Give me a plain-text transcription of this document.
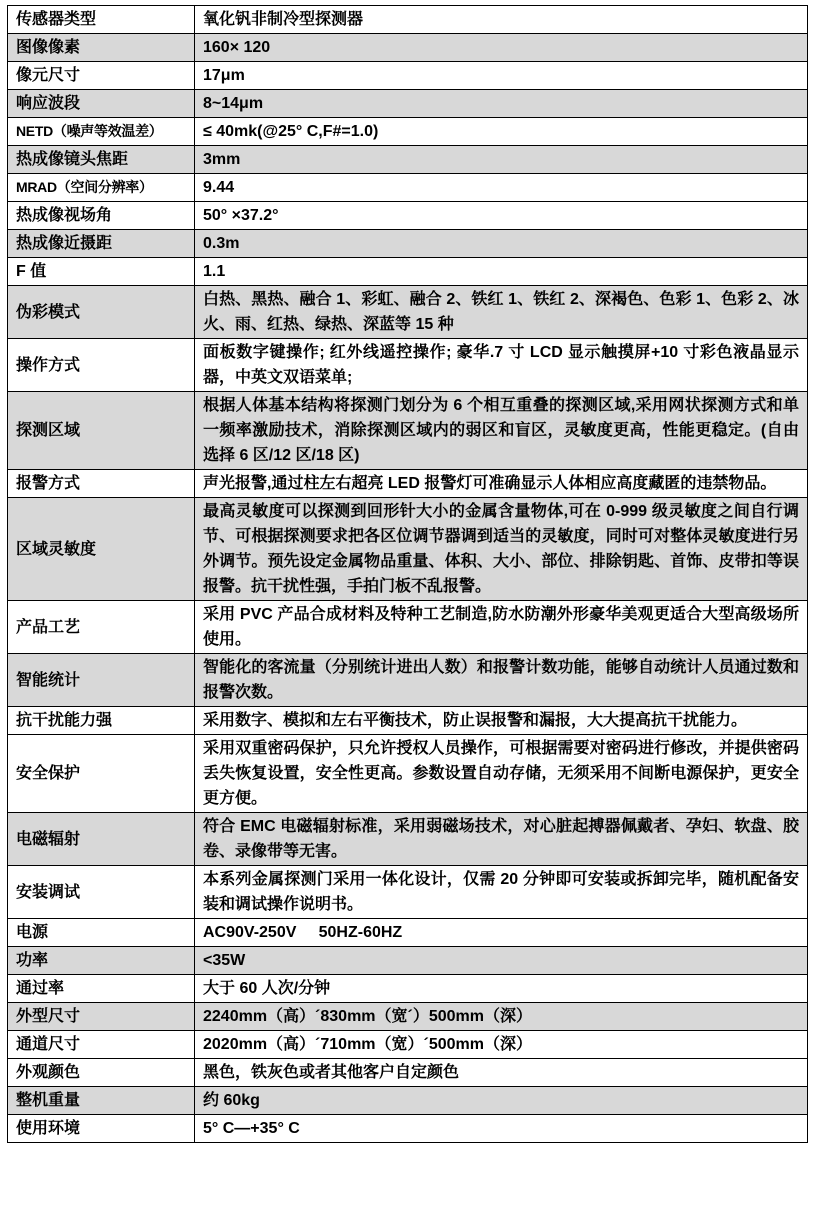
传感器类型	氧化钒非制冷型探测器
图像像素	160× 120
像元尺寸	17μm
响应波段	8~14μm
NETD（噪声等效温差）	≤ 40mk(@25° C,F#=1.0)
热成像镜头焦距	3mm
MRAD（空间分辨率）	9.44
热成像视场角	50° ×37.2°
热成像近摄距	0.3m
F 值	1.1
伪彩模式	白热、黑热、融合 1、彩虹、融合 2、铁红 1、铁红 2、深褐色、色彩 1、色彩 2、冰火、雨、红热、绿热、深蓝等 15 种
操作方式	面板数字键操作; 红外线遥控操作; 豪华.7 寸 LCD 显示触摸屏+10 寸彩色液晶显示器，中英文双语菜单;
探测区域	根据人体基本结构将探测门划分为 6 个相互重叠的探测区域,采用网状探测方式和单一频率激励技术，消除探测区域内的弱区和盲区，灵敏度更高，性能更稳定。(自由选择 6 区/12 区/18 区)
报警方式	声光报警,通过柱左右超亮 LED 报警灯可准确显示人体相应高度藏匿的违禁物品。
区域灵敏度	最高灵敏度可以探测到回形针大小的金属含量物体,可在 0-999 级灵敏度之间自行调节、可根据探测要求把各区位调节器调到适当的灵敏度，同时可对整体灵敏度进行另外调节。预先设定金属物品重量、体积、大小、部位、排除钥匙、首饰、皮带扣等误报警。抗干扰性强，手拍门板不乱报警。
产品工艺	采用 PVC 产品合成材料及特种工艺制造,防水防潮外形豪华美观更适合大型高级场所使用。
智能统计	智能化的客流量（分别统计进出人数）和报警计数功能，能够自动统计人员通过数和报警次数。
抗干扰能力强	采用数字、模拟和左右平衡技术，防止误报警和漏报，大大提高抗干扰能力。
安全保护	采用双重密码保护，只允许授权人员操作，可根据需要对密码进行修改，并提供密码丢失恢复设置，安全性更高。参数设置自动存储，无须采用不间断电源保护，更安全更方便。
电磁辐射	符合 EMC 电磁辐射标准，采用弱磁场技术，对心脏起搏器佩戴者、孕妇、软盘、胶卷、录像带等无害。
安装调试	本系列金属探测门采用一体化设计，仅需 20 分钟即可安装或拆卸完毕，随机配备安装和调试操作说明书。
电源	AC90V-250V     50HZ-60HZ
功率	<35W
通过率	大于 60 人次/分钟
外型尺寸	2240mm（高）´830mm（宽´）500mm（深）
通道尺寸	2020mm（高）´710mm（宽）´500mm（深）
外观颜色	黑色，铁灰色或者其他客户自定颜色
整机重量	约 60kg
使用环境	5° C—+35° C
